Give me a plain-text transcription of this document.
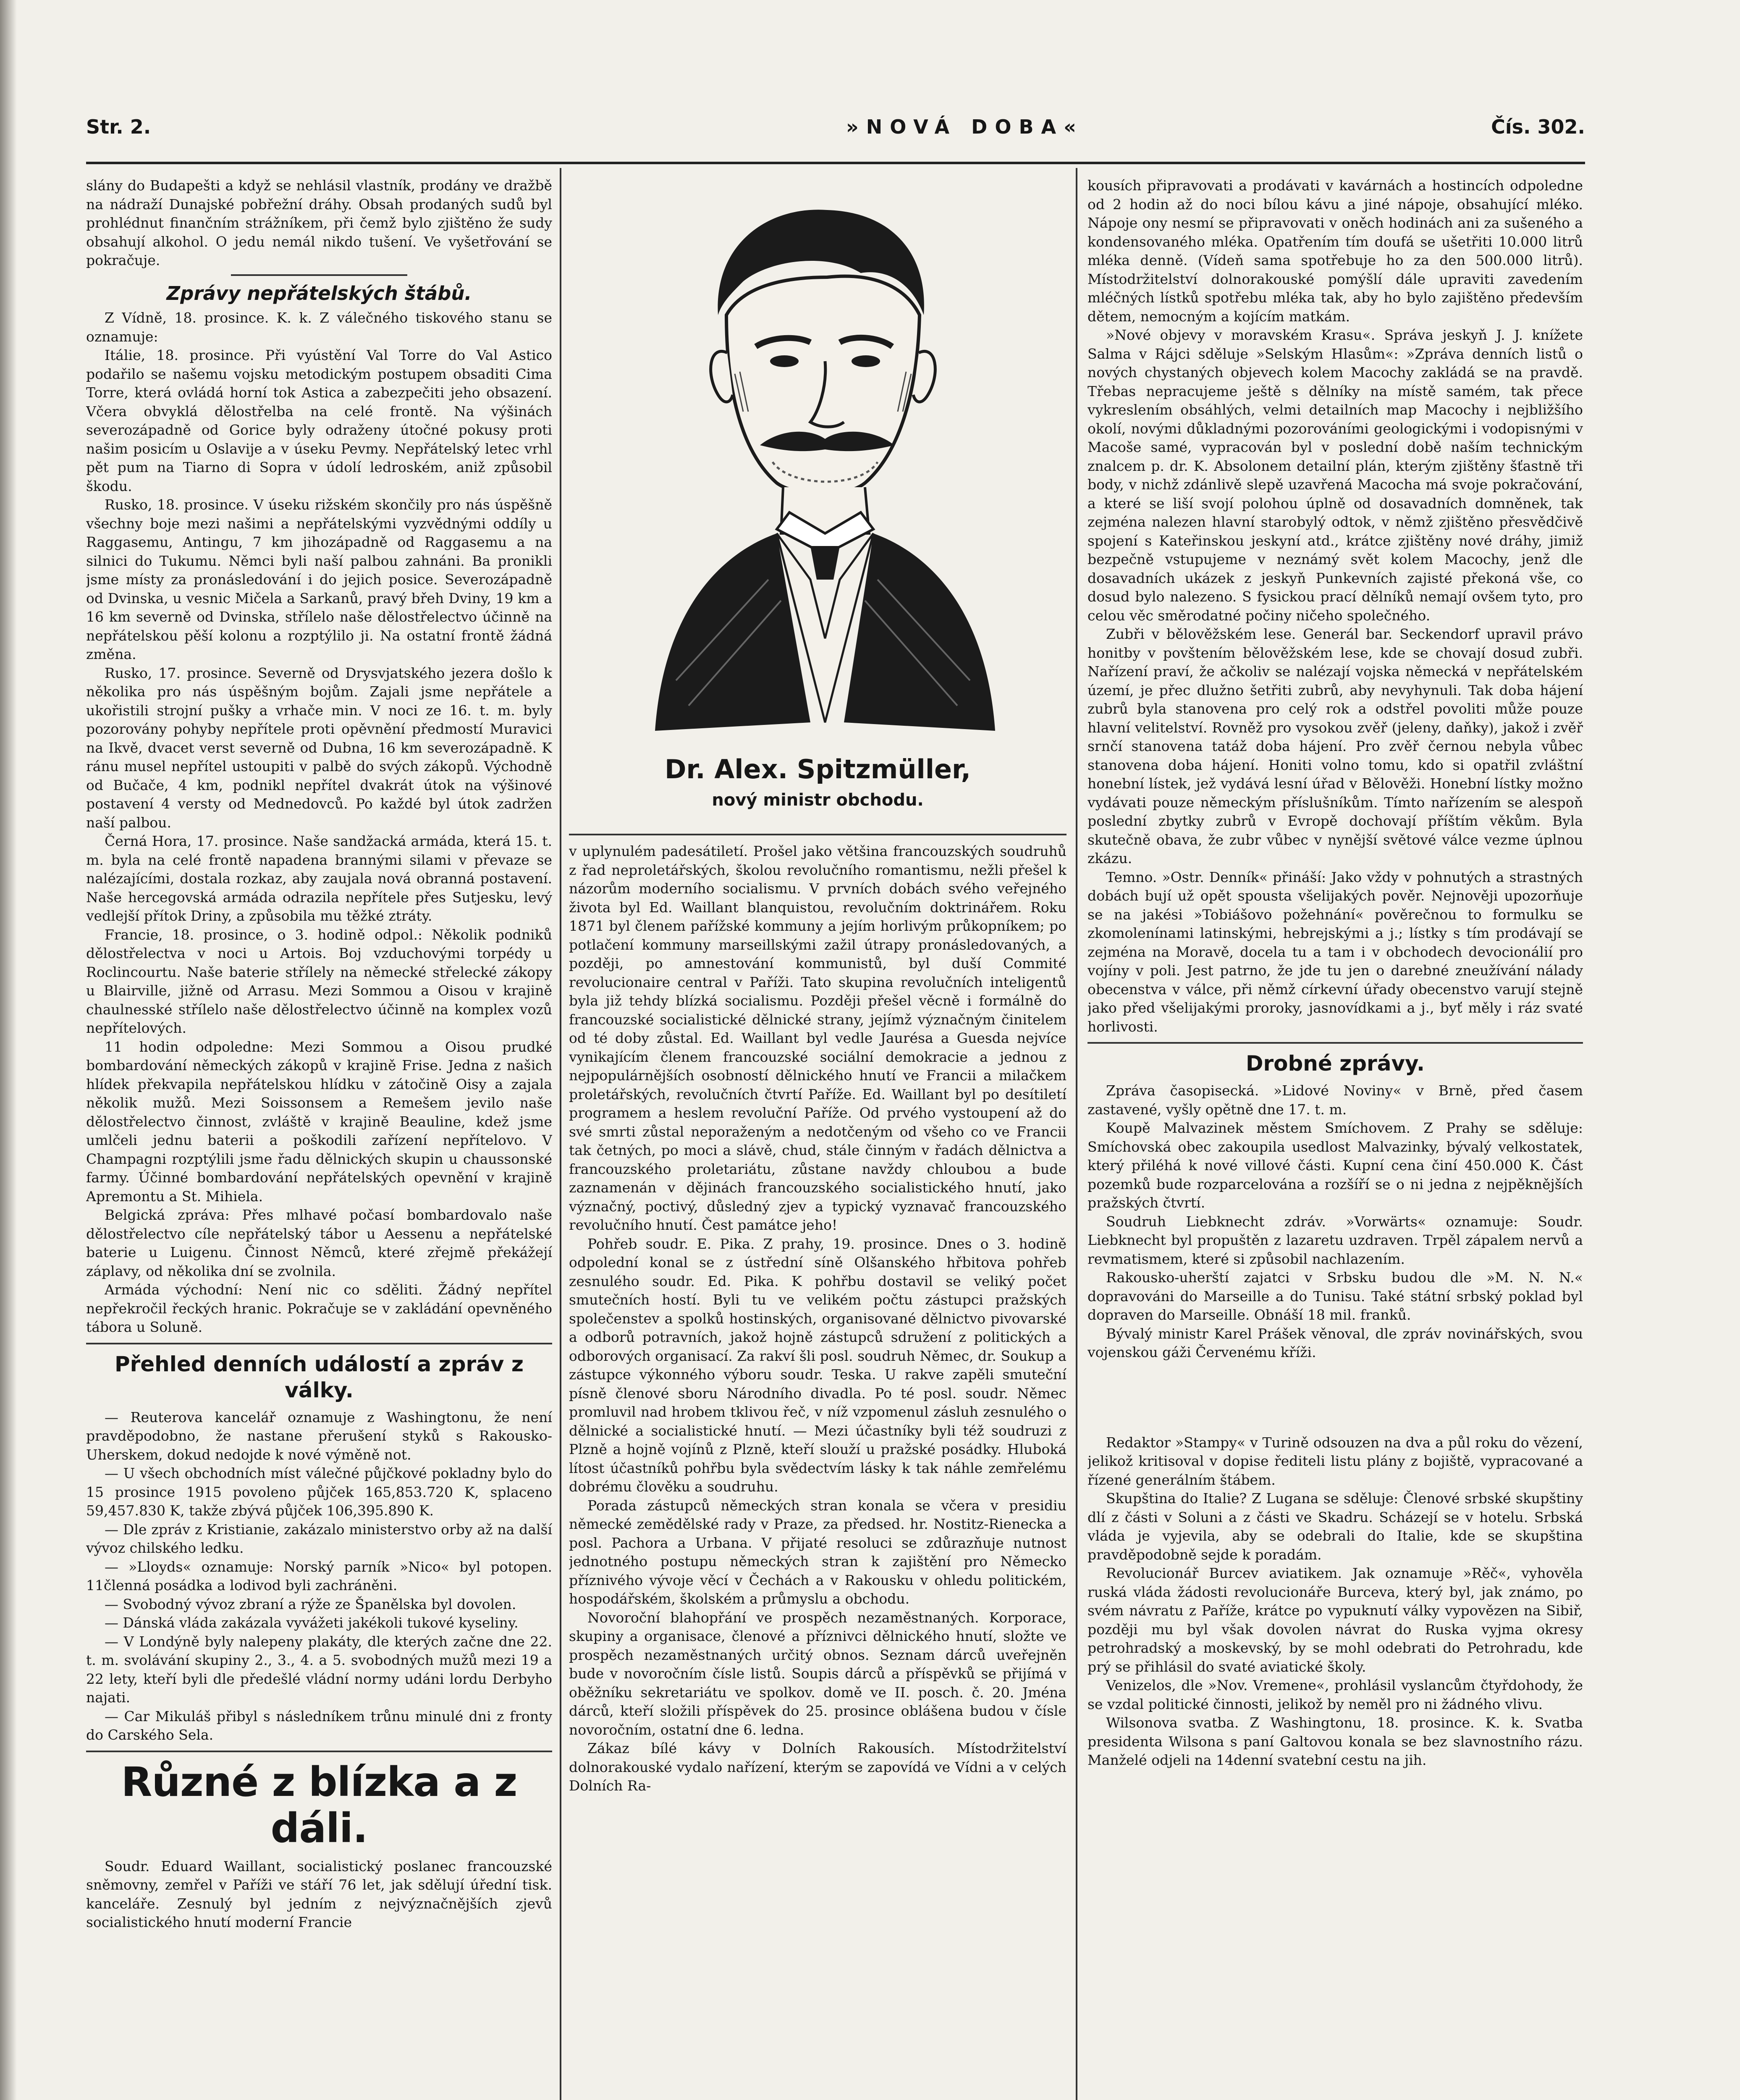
Str. 2.	»NOVÁ DOBA«	Čís. 302.

slány do Budapešti a když se nehlásil vlastník, prodány ve dražbě na nádraží Dunajské pobřežní dráhy. Obsah prodaných sudů byl prohlédnut finančním strážníkem, při čemž bylo zjištěno že sudy obsahují alkohol. O jedu nemál nikdo tušení. Ve vyšetřování se pokračuje.

Zprávy nepřátelských štábů.

Z Vídně, 18. prosince. K. k. Z válečného tiskového stanu se oznamuje:

Itálie, 18. prosince. Při vyústění Val Torre do Val Astico podařilo se našemu vojsku metodickým postupem obsaditi Cima Torre, která ovládá horní tok Astica a zabezpečiti jeho obsazení. Včera obvyklá dělostřelba na celé frontě. Na výšinách severozápadně od Gorice byly odraženy útočné pokusy proti našim posicím u Oslavije a v úseku Pevmy. Nepřátelský letec vrhl pět pum na Tiarno di Sopra v údolí ledroském, aniž způsobil škodu.

Rusko, 18. prosince. V úseku rižském skončily pro nás úspěšně všechny boje mezi našimi a nepřátelskými vyzvědnými oddíly u Raggasemu, Antingu, 7 km jihozápadně od Raggasemu a na silnici do Tukumu. Němci byli naší palbou zahnáni. Ba pronikli jsme místy za pronásledování i do jejich posice. Severozápadně od Dvinska, u vesnic Mičela a Sarkanů, pravý břeh Dviny, 19 km a 16 km severně od Dvinska, střílelo naše dělostřelectvo účinně na nepřátelskou pěší kolonu a rozptýlilo ji. Na ostatní frontě žádná změna.

Rusko, 17. prosince. Severně od Drysvjatského jezera došlo k několika pro nás úspěšným bojům. Zajali jsme nepřátele a ukořistili strojní pušky a vrhače min. V noci ze 16. t. m. byly pozorovány pohyby nepřítele proti opěvnění předmostí Muravici na Ikvě, dvacet verst severně od Dubna, 16 km severozápadně. K ránu musel nepřítel ustoupiti v palbě do svých zákopů. Východně od Bučače, 4 km, podnikl nepřítel dvakrát útok na výšinové postavení 4 versty od Mednedovců. Po každé byl útok zadržen naší palbou.

Černá Hora, 17. prosince. Naše sandžacká armáda, která 15. t. m. byla na celé frontě napadena brannými silami v převaze se nalézajícími, dostala rozkaz, aby zaujala nová obranná postavení. Naše hercegovská armáda odrazila nepřítele přes Sutjesku, levý vedlejší přítok Driny, a způsobila mu těžké ztráty.

Francie, 18. prosince, o 3. hodině odpol.: Několik podniků dělostřelectva v noci u Artois. Boj vzduchovými torpédy u Roclincourtu. Naše baterie střílely na německé střelecké zákopy u Blairville, jižně od Arrasu. Mezi Sommou a Oisou v krajině chaulnesské střílelo naše dělostřelectvo účinně na komplex vozů nepřítelových.

11 hodin odpoledne: Mezi Sommou a Oisou prudké bombardování německých zákopů v krajině Frise. Jedna z našich hlídek překvapila nepřátelskou hlídku v zátočině Oisy a zajala několik mužů. Mezi Soissonsem a Remešem jevilo naše dělostřelectvo činnost, zvláště v krajině Beauline, kdež jsme umlčeli jednu baterii a poškodili zařízení nepřítelovo. V Champagni rozptýlili jsme řadu dělnických skupin u chaussonské farmy. Účinné bombardování nepřátelských opevnění v krajině Apremontu a St. Mihiela.

Belgická zpráva: Přes mlhavé počasí bombardovalo naše dělostřelectvo cíle nepřátelský tábor u Aessenu a nepřátelské baterie u Luigenu. Činnost Němců, které zřejmě překážejí záplavy, od několika dní se zvolnila.

Armáda východní: Není nic co sděliti. Žádný nepřítel nepřekročil řeckých hranic. Pokračuje se v zakládání opevněného tábora u Soluně.

Přehled denních událostí a zpráv z války.

— Reuterova kancelář oznamuje z Washingtonu, že není pravděpodobno, že nastane přerušení styků s Rakousko-Uherskem, dokud nedojde k nové výměně not.

— U všech obchodních míst válečné půjčkové pokladny bylo do 15 prosince 1915 povoleno půjček 165,853.720 K, splaceno 59,457.830 K, takže zbývá půjček 106,395.890 K.

— Dle zpráv z Kristianie, zakázalo ministerstvo orby až na další vývoz chilského ledku.

— »Lloyds« oznamuje: Norský parník »Nico« byl potopen. 11členná posádka a lodivod byli zachráněni.

— Svobodný vývoz zbraní a rýže ze Španělska byl dovolen.

— Dánská vláda zakázala vyvážeti jakékoli tukové kyseliny.

— V Londýně byly nalepeny plakáty, dle kterých začne dne 22. t. m. svolávání skupiny 2., 3., 4. a 5. svobodných mužů mezi 19 a 22 lety, kteří byli dle předešlé vládní normy udáni lordu Derbyho najati.

— Car Mikuláš přibyl s následníkem trůnu minulé dni z fronty do Carského Sela.

Různé z blízka a z dáli.

Soudr. Eduard Waillant, socialistický poslanec francouzské sněmovny, zemřel v Paříži ve stáří 76 let, jak sdělují úřední tisk. kanceláře. Zesnulý byl jedním z nejvýznačnějších zjevů socialistického hnutí moderní Francie

Dr. Alex. Spitzmüller,
nový ministr obchodu.

v uplynulém padesátiletí. Prošel jako většina francouzských soudruhů z řad neproletářských, školou revolučního romantismu, nežli přešel k názorům moderního socialismu. V prvních dobách svého veřejného života byl Ed. Waillant blanquistou, revolučním doktrinářem. Roku 1871 byl členem pařížské kommuny a jejím horlivým průkopníkem; po potlačení kommuny marseillskými zažil útrapy pronásledovaných, a později, po amnestování kommunistů, byl duší Commité revolucionaire central v Paříži. Tato skupina revolučních inteligentů byla již tehdy blízká socialismu. Později přešel věcně i formálně do francouzské socialistické dělnické strany, jejímž význačným činitelem od té doby zůstal. Ed. Waillant byl vedle Jaurésa a Guesda nejvíce vynikajícím členem francouzské sociální demokracie a jednou z nejpopulárnějších osobností dělnického hnutí ve Francii a milačkem proletářských, revolučních čtvrtí Paříže. Ed. Waillant byl po desítiletí programem a heslem revoluční Paříže. Od prvého vystoupení až do své smrti zůstal neporaženým a nedotčeným od všeho co ve Francii tak četných, po moci a slávě, chud, stále činným v řadách dělnictva a francouzského proletariátu, zůstane navždy chloubou a bude zaznamenán v dějinách francouzského socialistického hnutí, jako význačný, poctivý, důsledný zjev a typický vyznavač francouzského revolučního hnutí. Čest památce jeho!

Pohřeb soudr. E. Pika. Z prahy, 19. prosince. Dnes o 3. hodině odpolední konal se z ústřední síně Olšanského hřbitova pohřeb zesnulého soudr. Ed. Pika. K pohřbu dostavil se veliký počet smutečních hostí. Byli tu ve velikém počtu zástupci pražských společenstev a spolků hostinských, organisované dělnictvo pivovarské a odborů potravních, jakož hojně zástupců sdružení z politických a odborových organisací. Za rakví šli posl. soudruh Němec, dr. Soukup a zástupce výkonného výboru soudr. Teska. U rakve zapěli smuteční písně členové sboru Národního divadla. Po té posl. soudr. Němec promluvil nad hrobem tklivou řeč, v níž vzpomenul zásluh zesnulého o dělnické a socialistické hnutí. — Mezi účastníky byli též soudruzi z Plzně a hojně vojínů z Plzně, kteří slouží u pražské posádky. Hluboká lítost účastníků pohřbu byla svědectvím lásky k tak náhle zemřelému dobrému člověku a soudruhu.

Porada zástupců německých stran konala se včera v presidiu německé zemědělské rady v Praze, za předsed. hr. Nostitz-Rienecka a posl. Pachora a Urbana. V přijaté resoluci se zdůrazňuje nutnost jednotného postupu německých stran k zajištění pro Německo příznivého vývoje věcí v Čechách a v Rakousku v ohledu politickém, hospodářském, školském a průmyslu a obchodu.

Novoroční blahopřání ve prospěch nezaměstnaných. Korporace, skupiny a organisace, členové a příznivci dělnického hnutí, složte ve prospěch nezaměstnaných určitý obnos. Seznam dárců uveřejněn bude v novoročním čísle listů. Soupis dárců a příspěvků se přijímá v oběžníku sekretariátu ve spolkov. domě ve II. posch. č. 20. Jména dárců, kteří složili příspěvek do 25. prosince oblášena budou v čísle novoročním, ostatní dne 6. ledna.

Zákaz bílé kávy v Dolních Rakousích. Místodržitelství dolnorakouské vydalo nařízení, kterým se zapovídá ve Vídni a v celých Dolních Ra-

kousích připravovati a prodávati v kavárnách a hostincích odpoledne od 2 hodin až do noci bílou kávu a jiné nápoje, obsahující mléko. Nápoje ony nesmí se připravovati v oněch hodinách ani za sušeného a kondensovaného mléka. Opatřením tím doufá se ušetřiti 10.000 litrů mléka denně. (Vídeň sama spotřebuje ho za den 500.000 litrů). Místodržitelství dolnorakouské pomýšlí dále upraviti zavedením mléčných lístků spotřebu mléka tak, aby ho bylo zajištěno především dětem, nemocným a kojícím matkám.

»Nové objevy v moravském Krasu«. Správa jeskyň J. J. knížete Salma v Rájci sděluje »Selským Hlasům«: »Zpráva denních listů o nových chystaných objevech kolem Macochy zakládá se na pravdě. Třebas nepracujeme ještě s dělníky na místě samém, tak přece vykreslením obsáhlých, velmi detailních map Macochy i nejbližšího okolí, novými důkladnými pozorováními geologickými i vodopisnými v Macoše samé, vypracován byl v poslední době naším technickým znalcem p. dr. K. Absolonem detailní plán, kterým zjištěny šťastně tři body, v nichž zdánlivě slepě uzavřená Macocha má svoje pokračování, a které se liší svojí polohou úplně od dosavadních domněnek, tak zejména nalezen hlavní starobylý odtok, v němž zjištěno přesvědčivě spojení s Kateřinskou jeskyní atd., krátce zjištěny nové dráhy, jimiž bezpečně vstupujeme v neznámý svět kolem Macochy, jenž dle dosavadních ukázek z jeskyň Punkevních zajisté překoná vše, co dosud bylo nalezeno. S fysickou prací dělníků nemají ovšem tyto, pro celou věc směrodatné počiny ničeho společného.

Zubři v bělověžském lese. Generál bar. Seckendorf upravil právo honitby v povštením bělověžském lese, kde se chovají dosud zubři. Nařízení praví, že ačkoliv se nalézají vojska německá v nepřátelském území, je přec dlužno šetřiti zubrů, aby nevyhynuli. Tak doba hájení zubrů byla stanovena pro celý rok a odstřel povoliti může pouze hlavní velitelství. Rovněž pro vysokou zvěř (jeleny, daňky), jakož i zvěř srnčí stanovena tatáž doba hájení. Pro zvěř černou nebyla vůbec stanovena doba hájení. Honiti volno tomu, kdo si opatřil zvláštní honební lístek, jež vydává lesní úřad v Bělověži. Honební lístky možno vydávati pouze německým příslušníkům. Tímto nařízením se alespoň poslední zbytky zubrů v Evropě dochovají příštím věkům. Byla skutečně obava, že zubr vůbec v nynější světové válce vezme úplnou zkázu.

Temno. »Ostr. Denník« přináší: Jako vždy v pohnutých a strastných dobách bují už opět spousta všelijakých pověr. Nejnověji upozorňuje se na jakési »Tobiášovo požehnání« pověrečnou to formulku se zkomolenínami latinskými, hebrejskými a j.; lístky s tím prodávají se zejména na Moravě, docela tu a tam i v obchodech devocionálií pro vojíny v poli. Jest patrno, že jde tu jen o darebné zneužívání nálady obecenstva v válce, při němž církevní úřady obecenstvo varují stejně jako před všelijakými proroky, jasnovídkami a j., byť měly i ráz svaté horlivosti.

Drobné zprávy.

Zpráva časopisecká. »Lidové Noviny« v Brně, před časem zastavené, vyšly opětně dne 17. t. m.

Koupě Malvazinek městem Smíchovem. Z Prahy se sděluje: Smíchovská obec zakoupila usedlost Malvazinky, bývalý velkostatek, který přiléhá k nové villové části. Kupní cena činí 450.000 K. Část pozemků bude rozparcelována a rozšíří se o ni jedna z nejpěknějších pražských čtvrtí.

Soudruh Liebknecht zdráv. »Vorwärts« oznamuje: Soudr. Liebknecht byl propuštěn z lazaretu uzdraven. Trpěl zápalem nervů a revmatismem, které si způsobil nachlazením.

Rakousko-uherští zajatci v Srbsku budou dle »M. N. N.« dopravováni do Marseille a do Tunisu. Také státní srbský poklad byl dopraven do Marseille. Obnáší 18 mil. franků.

Bývalý ministr Karel Prášek věnoval, dle zpráv novinářských, svou vojenskou gáži Červenému kříži.

Redaktor »Stampy« v Turině odsouzen na dva a půl roku do vězení, jelikož kritisoval v dopise řediteli listu plány z bojiště, vypracované a řízené generálním štábem.

Skupština do Italie? Z Lugana se sděluje: Členové srbské skupštiny dlí z části v Soluni a z části ve Skadru. Scházejí se v hotelu. Srbská vláda je vyjevila, aby se odebrali do Italie, kde se skupština pravděpodobně sejde k poradám.

Revolucionář Burcev aviatikem. Jak oznamuje »Rěč«, vyhověla ruská vláda žádosti revolucionáře Burceva, který byl, jak známo, po svém návratu z Paříže, krátce po vypuknutí války vypovězen na Sibiř, později mu byl však dovolen návrat do Ruska vyjma okresy petrohradský a moskevský, by se mohl odebrati do Petrohradu, kde prý se přihlásil do svaté aviatické školy.

Venizelos, dle »Nov. Vremene«, prohlásil vyslancům čtyřdohody, že se vzdal politické činnosti, jelikož by neměl pro ni žádného vlivu.

Wilsonova svatba. Z Washingtonu, 18. prosince. K. k. Svatba presidenta Wilsona s paní Galtovou konala se bez slavnostního rázu. Manželé odjeli na 14denní svatební cestu na jih.
